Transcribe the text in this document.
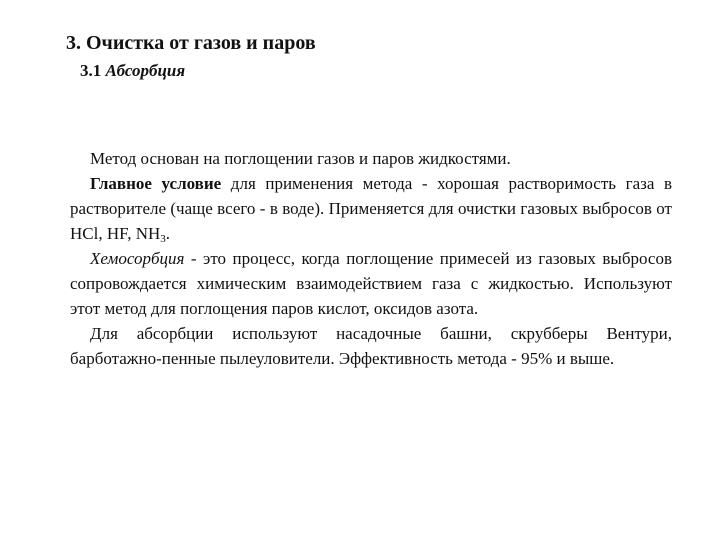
3. Очистка от газов и паров
3.1 Абсорбция

Метод основан на поглощении газов и паров жидкостями.

Главное условие для применения метода - хорошая растворимость газа в растворителе (чаще всего - в воде). Применяется для очистки газовых выбросов от HCl, HF, $NH_3$.

Хемосорбция - это процесс, когда поглощение примесей из газовых выбросов сопровождается химическим взаимодействием газа с жидкостью. Используют этот метод для поглощения паров кислот, оксидов азота.

Для абсорбции используют насадочные башни, скрубберы Вентури, барботажно-пенные пылеуловители. Эффективность метода - 95% и выше.
